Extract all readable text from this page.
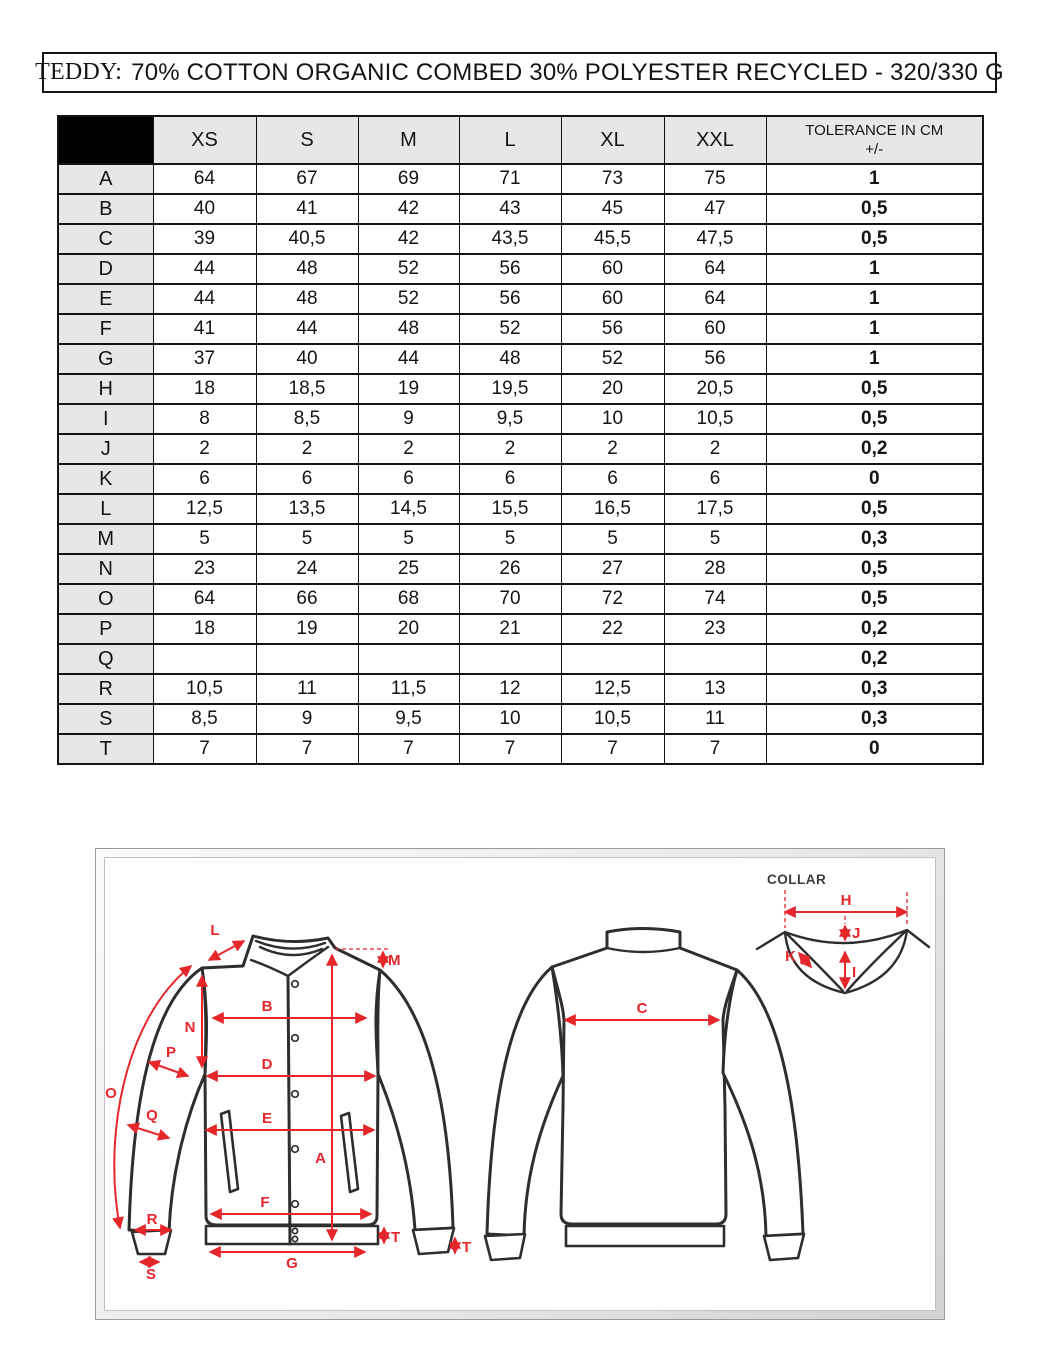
TEDDY: 70% COTTON ORGANIC COMBED 30% POLYESTER RECYCLED - 320/330 G
	XS	S	M	L	XL	XXL	TOLERANCE IN CM
+/-

A	64	67	69	71	73	75	1
B	40	41	42	43	45	47	0,5
C	39	40,5	42	43,5	45,5	47,5	0,5
D	44	48	52	56	60	64	1
E	44	48	52	56	60	64	1
F	41	44	48	52	56	60	1
G	37	40	44	48	52	56	1
H	18	18,5	19	19,5	20	20,5	0,5
I	8	8,5	9	9,5	10	10,5	0,5
J	2	2	2	2	2	2	0,2
K	6	6	6	6	6	6	0
L	12,5	13,5	14,5	15,5	16,5	17,5	0,5
M	5	5	5	5	5	5	0,3
N	23	24	25	26	27	28	0,5
O	64	66	68	70	72	74	0,5
P	18	19	20	21	22	23	0,2
Q							0,2
R	10,5	11	11,5	12	12,5	13	0,3
S	8,5	9	9,5	10	10,5	11	0,3
T	7	7	7	7	7	7	0
COLLAR
H
J
K
I
L
M
N
B
D
P
O
Q	E
A
F
R
S
G
T
T
C
